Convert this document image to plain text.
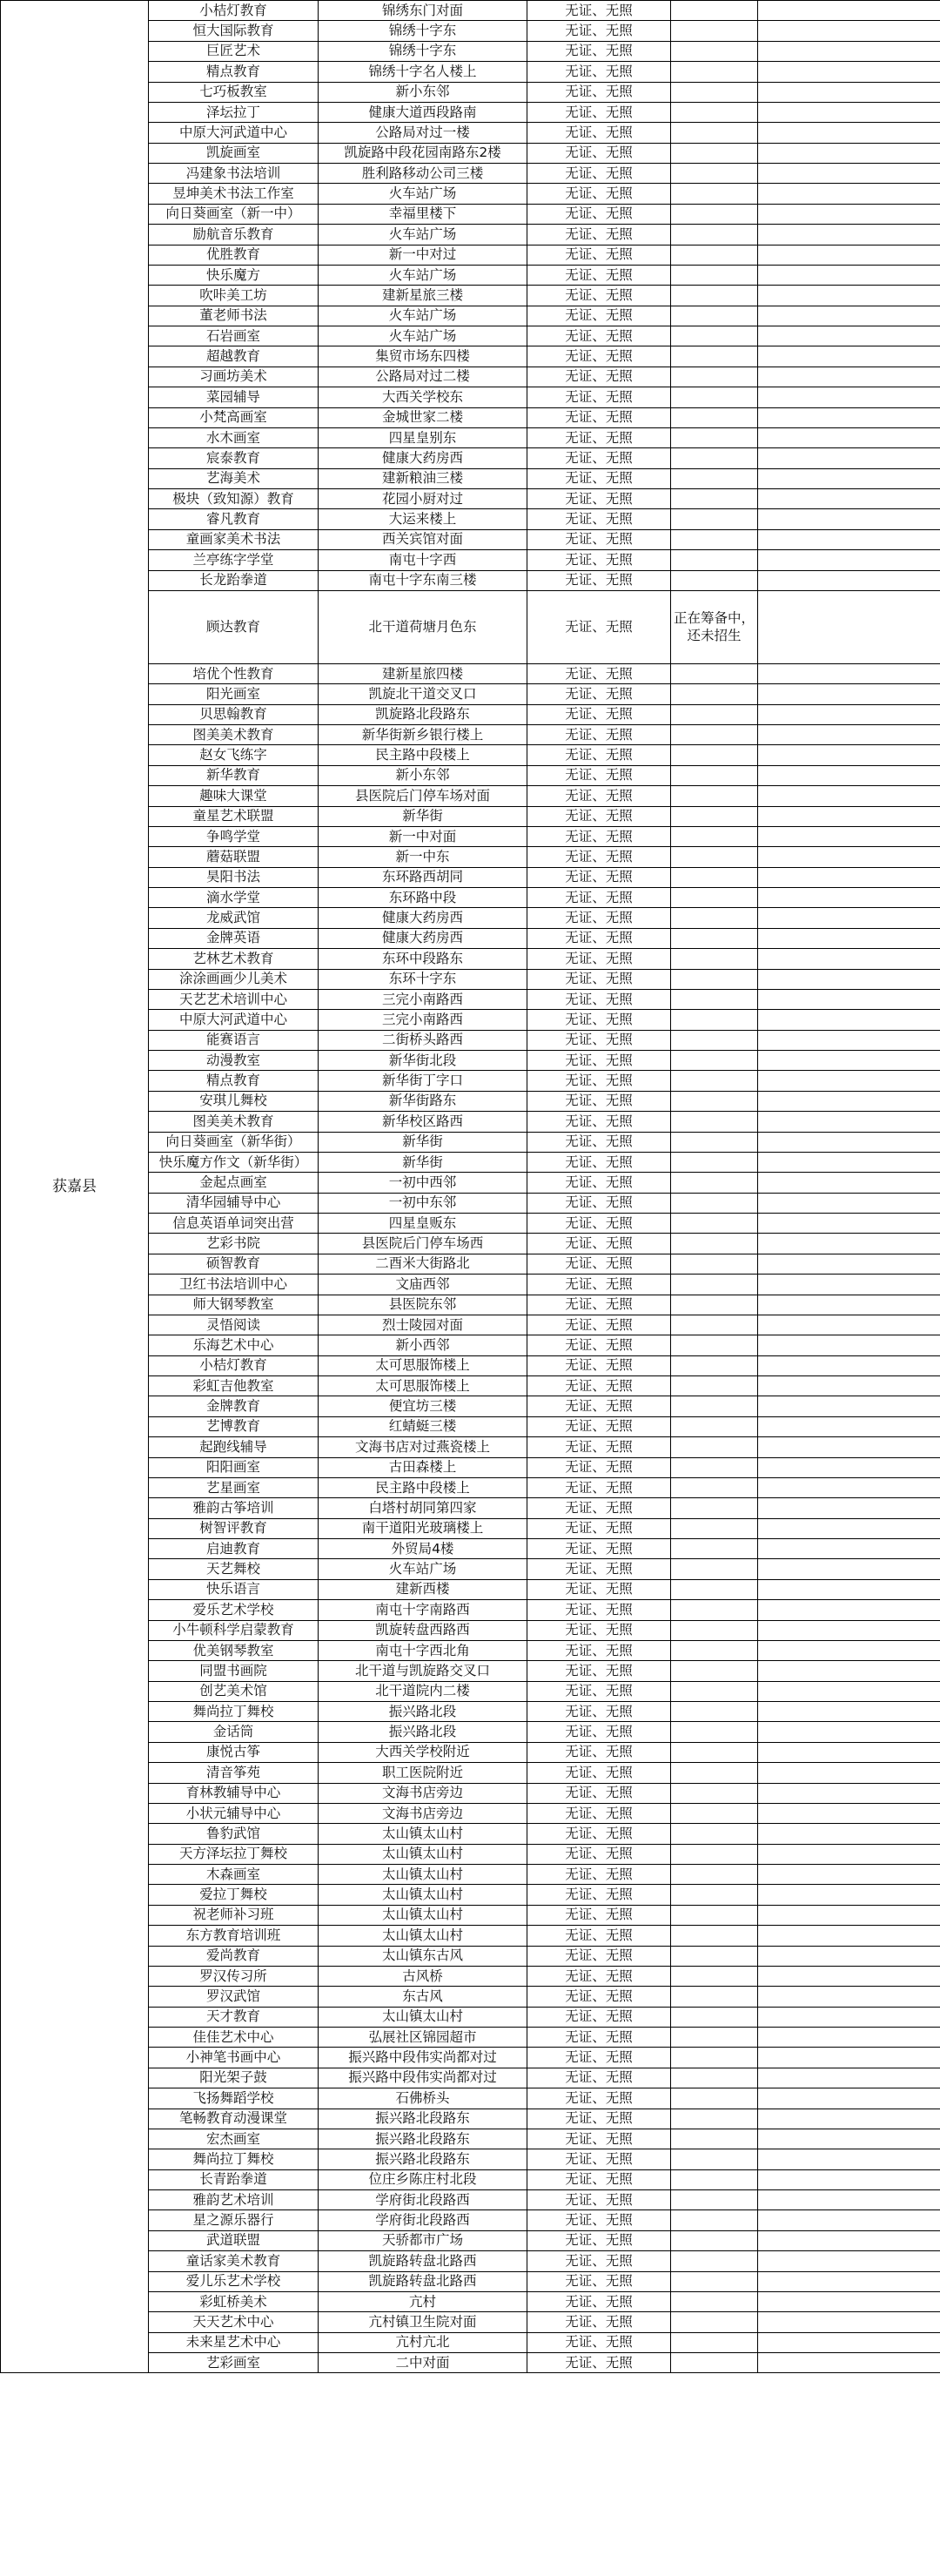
获嘉县	小桔灯教育	锦绣东门对面	无证、无照		
	恒大国际教育	锦绣十字东	无证、无照		
	巨匠艺术	锦绣十字东	无证、无照		
	精点教育	锦绣十字名人楼上	无证、无照		
	七巧板教室	新小东邻	无证、无照		
	泽坛拉丁	健康大道西段路南	无证、无照		
	中原大河武道中心	公路局对过一楼	无证、无照		
	凯旋画室	凯旋路中段花园南路东2楼	无证、无照		
	冯建象书法培训	胜利路移动公司三楼	无证、无照		
	昱坤美术书法工作室	火车站广场	无证、无照		
	向日葵画室（新一中）	幸福里楼下	无证、无照		
	励航音乐教育	火车站广场	无证、无照		
	优胜教育	新一中对过	无证、无照		
	快乐魔方	火车站广场	无证、无照		
	吹咔美工坊	建新星旅三楼	无证、无照		
	董老师书法	火车站广场	无证、无照		
	石岩画室	火车站广场	无证、无照		
	超越教育	集贸市场东四楼	无证、无照		
	习画坊美术	公路局对过二楼	无证、无照		
	菜园辅导	大西关学校东	无证、无照		
	小梵高画室	金城世家二楼	无证、无照		
	水木画室	四星皇别东	无证、无照		
	宸泰教育	健康大药房西	无证、无照		
	艺海美术	建新粮油三楼	无证、无照		
	极块（致知源）教育	花园小厨对过	无证、无照		
	睿凡教育	大运来楼上	无证、无照		
	童画家美术书法	西关宾馆对面	无证、无照		
	兰亭练字学堂	南屯十字西	无证、无照		
	长龙跆拳道	南屯十字东南三楼	无证、无照		
	顾达教育	北干道荷塘月色东	无证、无照	正在筹备中，还未招生	
	培优个性教育	建新星旅四楼	无证、无照		
	阳光画室	凯旋北干道交叉口	无证、无照		
	贝思翰教育	凯旋路北段路东	无证、无照		
	图美美术教育	新华街新乡银行楼上	无证、无照		
	赵女飞练字	民主路中段楼上	无证、无照		
	新华教育	新小东邻	无证、无照		
	趣味大课堂	县医院后门停车场对面	无证、无照		
	童星艺术联盟	新华街	无证、无照		
	争鸣学堂	新一中对面	无证、无照		
	蘑菇联盟	新一中东	无证、无照		
	昊阳书法	东环路西胡同	无证、无照		
	滴水学堂	东环路中段	无证、无照		
	龙威武馆	健康大药房西	无证、无照		
	金牌英语	健康大药房西	无证、无照		
	艺林艺术教育	东环中段路东	无证、无照		
	涂涂画画少儿美术	东环十字东	无证、无照		
	天艺艺术培训中心	三完小南路西	无证、无照		
	中原大河武道中心	三完小南路西	无证、无照		
	能赛语言	二街桥头路西	无证、无照		
	动漫教室	新华街北段	无证、无照		
	精点教育	新华街丁字口	无证、无照		
	安琪儿舞校	新华街路东	无证、无照		
	图美美术教育	新华校区路西	无证、无照		
	向日葵画室（新华街）	新华街	无证、无照		
	快乐魔方作文（新华街）	新华街	无证、无照		
	金起点画室	一初中西邻	无证、无照		
	清华园辅导中心	一初中东邻	无证、无照		
	信息英语单词突出营	四星皇贩东	无证、无照		
	艺彩书院	县医院后门停车场西	无证、无照		
	硕智教育	二酉米大街路北	无证、无照		
	卫红书法培训中心	文庙西邻	无证、无照		
	师大钢琴教室	县医院东邻	无证、无照		
	灵悟阅读	烈士陵园对面	无证、无照		
	乐海艺术中心	新小西邻	无证、无照		
	小桔灯教育	太可思服饰楼上	无证、无照		
	彩虹吉他教室	太可思服饰楼上	无证、无照		
	金牌教育	便宜坊三楼	无证、无照		
	艺博教育	红蜻蜓三楼	无证、无照		
	起跑线辅导	文海书店对过燕瓷楼上	无证、无照		
	阳阳画室	古田森楼上	无证、无照		
	艺星画室	民主路中段楼上	无证、无照		
	雅韵古筝培训	白塔村胡同第四家	无证、无照		
	树智评教育	南干道阳光玻璃楼上	无证、无照		
	启迪教育	外贸局4楼	无证、无照		
	天艺舞校	火车站广场	无证、无照		
	快乐语言	建新西楼	无证、无照		
	爱乐艺术学校	南屯十字南路西	无证、无照		
	小牛顿科学启蒙教育	凯旋转盘西路西	无证、无照		
	优美钢琴教室	南屯十字西北角	无证、无照		
	同盟书画院	北干道与凯旋路交叉口	无证、无照		
	创艺美术馆	北干道院内二楼	无证、无照		
	舞尚拉丁舞校	振兴路北段	无证、无照		
	金话筒	振兴路北段	无证、无照		
	康悦古筝	大西关学校附近	无证、无照		
	清音筝苑	职工医院附近	无证、无照		
	育林教辅导中心	文海书店旁边	无证、无照		
	小状元辅导中心	文海书店旁边	无证、无照		
	鲁豹武馆	太山镇太山村	无证、无照		
	天方泽坛拉丁舞校	太山镇太山村	无证、无照		
	木森画室	太山镇太山村	无证、无照		
	爱拉丁舞校	太山镇太山村	无证、无照		
	祝老师补习班	太山镇太山村	无证、无照		
	东方教育培训班	太山镇太山村	无证、无照		
	爱尚教育	太山镇东古风	无证、无照		
	罗汉传习所	古风桥	无证、无照		
	罗汉武馆	东古风	无证、无照		
	天才教育	太山镇太山村	无证、无照		
	佳佳艺术中心	弘展社区锦园超市	无证、无照		
	小神笔书画中心	振兴路中段伟实尚都对过	无证、无照		
	阳光架子鼓	振兴路中段伟实尚都对过	无证、无照		
	飞扬舞蹈学校	石佛桥头	无证、无照		
	笔畅教育动漫课堂	振兴路北段路东	无证、无照		
	宏杰画室	振兴路北段路东	无证、无照		
	舞尚拉丁舞校	振兴路北段路东	无证、无照		
	长青跆拳道	位庄乡陈庄村北段	无证、无照		
	雅韵艺术培训	学府街北段路西	无证、无照		
	星之源乐器行	学府街北段路西	无证、无照		
	武道联盟	天骄都市广场	无证、无照		
	童话家美术教育	凯旋路转盘北路西	无证、无照		
	爱儿乐艺术学校	凯旋路转盘北路西	无证、无照		
	彩虹桥美术	亢村	无证、无照		
	天天艺术中心	亢村镇卫生院对面	无证、无照		
	未来星艺术中心	亢村亢北	无证、无照		
	艺彩画室	二中对面	无证、无照		
